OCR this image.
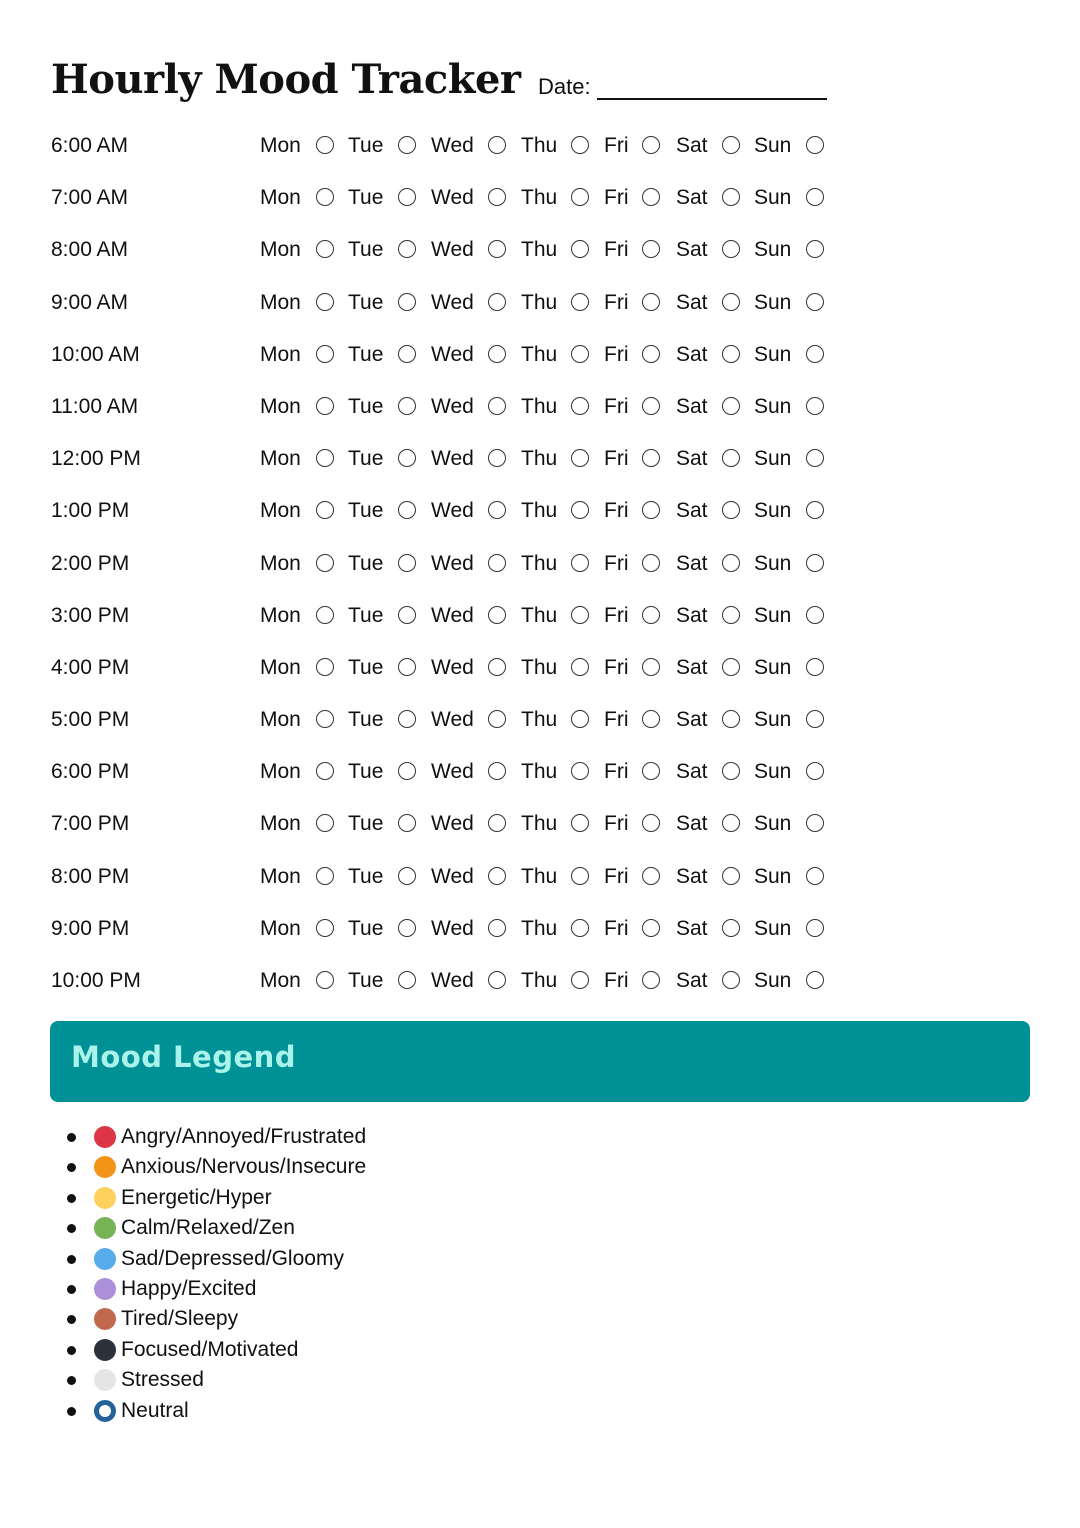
Hourly Mood Tracker Date:
6:00 AM	Mon Tue Wed Thu Fri Sat Sun
7:00 AM	Mon Tue Wed Thu Fri Sat Sun
8:00 AM	Mon Tue Wed Thu Fri Sat Sun
9:00 AM	Mon Tue Wed Thu Fri Sat Sun
10:00 AM	Mon Tue Wed Thu Fri Sat Sun
11:00 AM	Mon Tue Wed Thu Fri Sat Sun
12:00 PM	Mon Tue Wed Thu Fri Sat Sun
1:00 PM	Mon Tue Wed Thu Fri Sat Sun
2:00 PM	Mon Tue Wed Thu Fri Sat Sun
3:00 PM	Mon Tue Wed Thu Fri Sat Sun
4:00 PM	Mon Tue Wed Thu Fri Sat Sun
5:00 PM	Mon Tue Wed Thu Fri Sat Sun
6:00 PM	Mon Tue Wed Thu Fri Sat Sun
7:00 PM	Mon Tue Wed Thu Fri Sat Sun
8:00 PM	Mon Tue Wed Thu Fri Sat Sun
9:00 PM	Mon Tue Wed Thu Fri Sat Sun
10:00 PM	Mon Tue Wed Thu Fri Sat Sun
Mood Legend
Angry/Annoyed/Frustrated
Anxious/Nervous/Insecure
Energetic/Hyper
Calm/Relaxed/Zen
Sad/Depressed/Gloomy
Happy/Excited
Tired/Sleepy
Focused/Motivated
Stressed
Neutral
